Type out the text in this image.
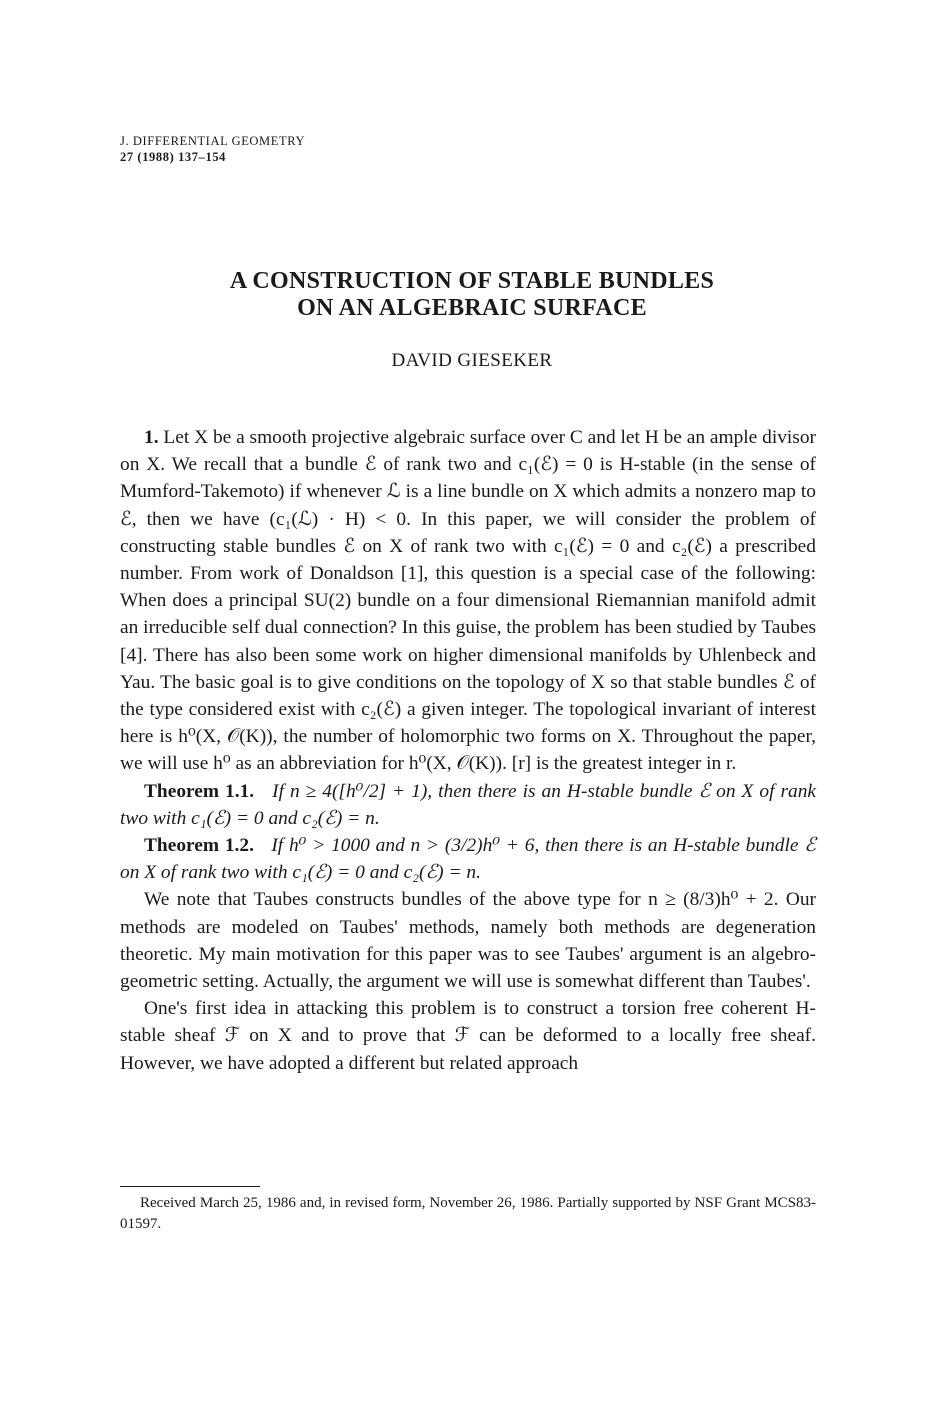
J. DIFFERENTIAL GEOMETRY
27 (1988) 137–154
A CONSTRUCTION OF STABLE BUNDLES
ON AN ALGEBRAIC SURFACE
DAVID GIESEKER

1. Let X be a smooth projective algebraic surface over C and let H be an ample divisor on X. We recall that a bundle ℰ of rank two and c₁(ℰ) = 0 is H-stable (in the sense of Mumford-Takemoto) if whenever ℒ is a line bundle on X which admits a nonzero map to ℰ, then we have (c₁(ℒ) · H) < 0. In this paper, we will consider the problem of constructing stable bundles ℰ on X of rank two with c₁(ℰ) = 0 and c₂(ℰ) a prescribed number. From work of Donaldson [1], this question is a special case of the following: When does a principal SU(2) bundle on a four dimensional Riemannian manifold admit an irreducible self dual connection? In this guise, the problem has been studied by Taubes [4]. There has also been some work on higher dimensional manifolds by Uhlenbeck and Yau. The basic goal is to give conditions on the topology of X so that stable bundles ℰ of the type considered exist with c₂(ℰ) a given integer. The topological invariant of interest here is h⁰(X, 𝒪(K)), the number of holomorphic two forms on X. Throughout the paper, we will use h⁰ as an abbreviation for h⁰(X, 𝒪(K)). [r] is the greatest integer in r.

Theorem 1.1. If n ≥ 4([h⁰/2] + 1), then there is an H-stable bundle ℰ on X of rank two with c₁(ℰ) = 0 and c₂(ℰ) = n.

Theorem 1.2. If h⁰ > 1000 and n > (3/2)h⁰ + 6, then there is an H-stable bundle ℰ on X of rank two with c₁(ℰ) = 0 and c₂(ℰ) = n.

We note that Taubes constructs bundles of the above type for n ≥ (8/3)h⁰ + 2. Our methods are modeled on Taubes' methods, namely both methods are degeneration theoretic. My main motivation for this paper was to see Taubes' argument is an algebro-geometric setting. Actually, the argument we will use is somewhat different than Taubes'.

One's first idea in attacking this problem is to construct a torsion free coherent H-stable sheaf ℱ on X and to prove that ℱ can be deformed to a locally free sheaf. However, we have adopted a different but related approach

Received March 25, 1986 and, in revised form, November 26, 1986. Partially supported by NSF Grant MCS83-01597.
